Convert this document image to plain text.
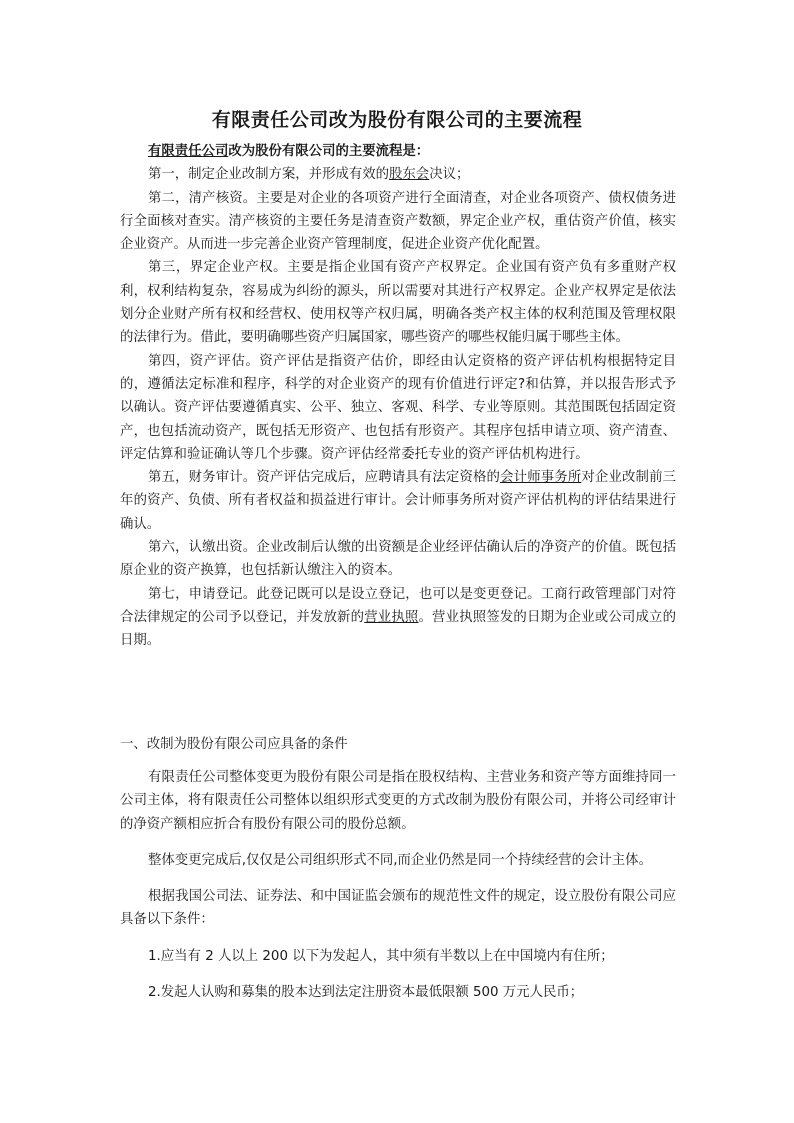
有限责任公司改为股份有限公司的主要流程

有限责任公司改为股份有限公司的主要流程是：

第一，制定企业改制方案，并形成有效的股东会决议；

第二，清产核资。主要是对企业的各项资产进行全面清查，对企业各项资产、债权债务进行全面核对查实。清产核资的主要任务是清查资产数额，界定企业产权，重估资产价值，核实企业资产。从而进一步完善企业资产管理制度，促进企业资产优化配置。

第三，界定企业产权。主要是指企业国有资产产权界定。企业国有资产负有多重财产权利，权利结构复杂，容易成为纠纷的源头，所以需要对其进行产权界定。企业产权界定是依法划分企业财产所有权和经营权、使用权等产权归属，明确各类产权主体的权利范围及管理权限的法律行为。借此，要明确哪些资产归属国家，哪些资产的哪些权能归属于哪些主体。

第四，资产评估。资产评估是指资产估价，即经由认定资格的资产评估机构根据特定目的，遵循法定标准和程序，科学的对企业资产的现有价值进行评定?和估算，并以报告形式予以确认。资产评估要遵循真实、公平、独立、客观、科学、专业等原则。其范围既包括固定资产，也包括流动资产，既包括无形资产、也包括有形资产。其程序包括申请立项、资产清查、评定估算和验证确认等几个步骤。资产评估经常委托专业的资产评估机构进行。

第五，财务审计。资产评估完成后，应聘请具有法定资格的会计师事务所对企业改制前三年的资产、负债、所有者权益和损益进行审计。会计师事务所对资产评估机构的评估结果进行确认。

第六，认缴出资。企业改制后认缴的出资额是企业经评估确认后的净资产的价值。既包括原企业的资产换算，也包括新认缴注入的资本。

第七，申请登记。此登记既可以是设立登记，也可以是变更登记。工商行政管理部门对符合法律规定的公司予以登记，并发放新的营业执照。营业执照签发的日期为企业或公司成立的日期。

一、改制为股份有限公司应具备的条件

有限责任公司整体变更为股份有限公司是指在股权结构、主营业务和资产等方面维持同一公司主体，将有限责任公司整体以组织形式变更的方式改制为股份有限公司，并将公司经审计的净资产额相应折合有股份有限公司的股份总额。

整体变更完成后,仅仅是公司组织形式不同,而企业仍然是同一个持续经营的会计主体。

根据我国公司法、证券法、和中国证监会颁布的规范性文件的规定，设立股份有限公司应具备以下条件：

1.应当有 2 人以上 200 以下为发起人，其中须有半数以上在中国境内有住所；

2.发起人认购和募集的股本达到法定注册资本最低限额 500 万元人民币；
